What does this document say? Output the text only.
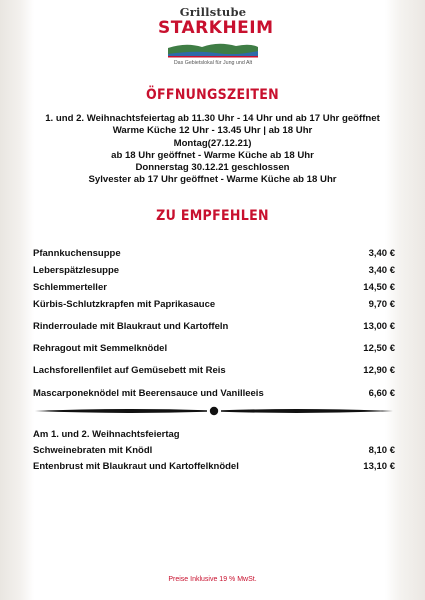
Grillstube
STARKHEIM
Das Gebietslokal für Jung und Alt
ÖFFNUNGSZEITEN
1. und 2. Weihnachtsfeiertag ab 11.30 Uhr - 14 Uhr und ab 17 Uhr geöffnet
Warme Küche 12 Uhr - 13.45 Uhr | ab 18 Uhr
Montag(27.12.21)
ab 18 Uhr geöffnet - Warme Küche ab 18 Uhr
Donnerstag 30.12.21 geschlossen
Sylvester ab 17 Uhr geöffnet - Warme Küche ab 18 Uhr
ZU EMPFEHLEN
Pfannkuchensuppe	3,40 €
Leberspätzlesuppe	3,40 €
Schlemmerteller	14,50 €
Kürbis-Schlutzkrapfen mit Paprikasauce	9,70 €
Rinderroulade mit Blaukraut und Kartoffeln	13,00 €
Rehragout mit Semmelknödel	12,50 €
Lachsforellenfilet auf Gemüsebett mit Reis	12,90 €
Mascarponeknödel mit Beerensauce und Vanilleeis	6,60 €
Am 1. und 2. Weihnachtsfeiertag
Schweinebraten mit Knödl	8,10 €
Entenbrust mit Blaukraut und Kartoffelknödel	13,10 €
Preise Inklusive 19 % MwSt.
